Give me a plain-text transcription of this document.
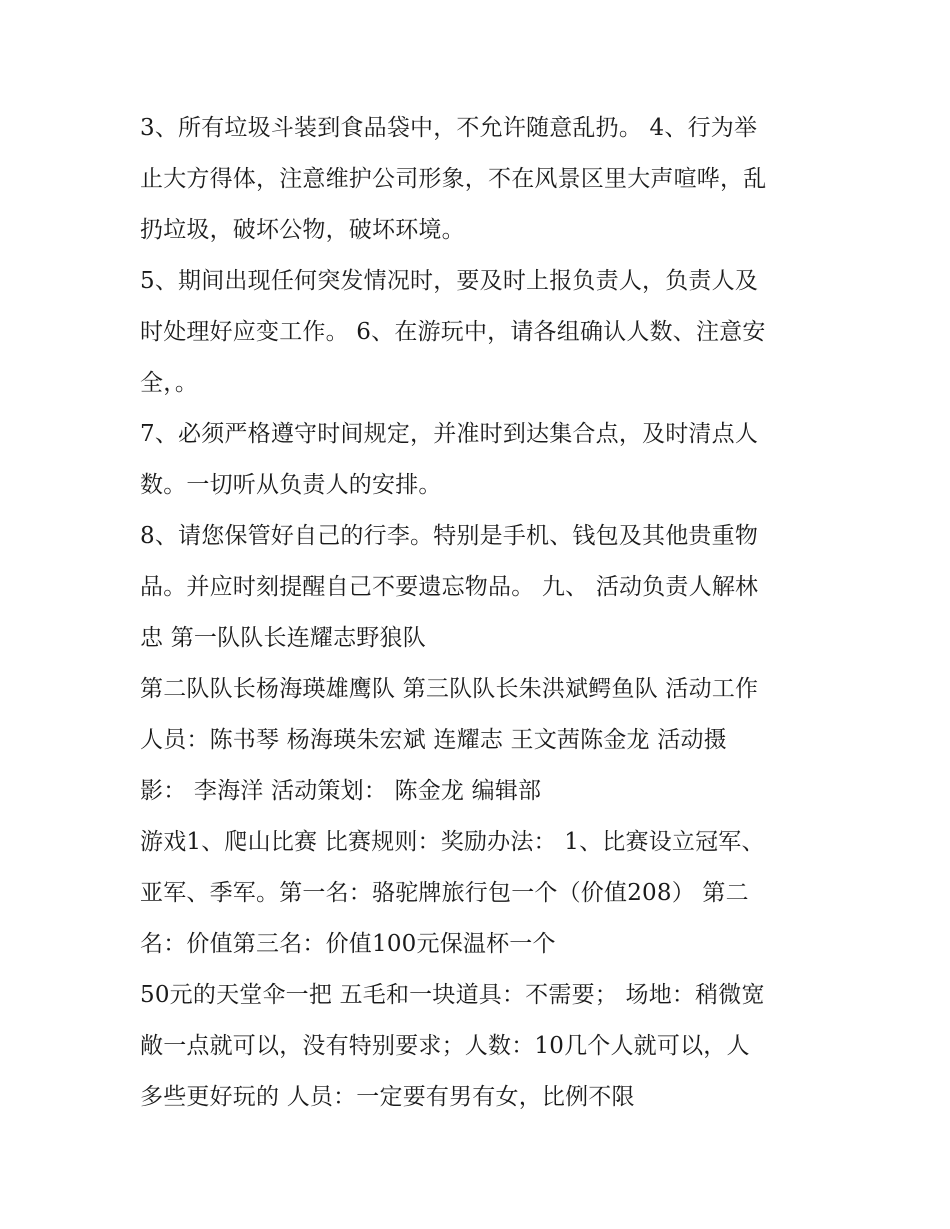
3、所有垃圾斗装到食品袋中，不允许随意乱扔。 4、行为举
止大方得体，注意维护公司形象，不在风景区里大声喧哗，乱
扔垃圾，破坏公物，破坏环境。
5、期间出现任何突发情况时，要及时上报负责人，负责人及
时处理好应变工作。 6、在游玩中，请各组确认人数、注意安
全，。
7、必须严格遵守时间规定，并准时到达集合点，及时清点人
数。一切听从负责人的安排。
8、请您保管好自己的行李。特别是手机、钱包及其他贵重物
品。并应时刻提醒自己不要遗忘物品。 九、 活动负责人解林
忠 第一队队长连耀志野狼队
第二队队长杨海瑛雄鹰队 第三队队长朱洪斌鳄鱼队 活动工作
人员：陈书琴 杨海瑛朱宏斌 连耀志 王文茜陈金龙 活动摄
影： 李海洋 活动策划： 陈金龙 编辑部
游戏1、爬山比赛 比赛规则：奖励办法： 1、比赛设立冠军、
亚军、季军。第一名：骆驼牌旅行包一个（价值208） 第二
名：价值第三名：价值100元保温杯一个
50元的天堂伞一把 五毛和一块道具：不需要； 场地：稍微宽
敞一点就可以，没有特别要求；人数：10几个人就可以，人
多些更好玩的 人员：一定要有男有女，比例不限
